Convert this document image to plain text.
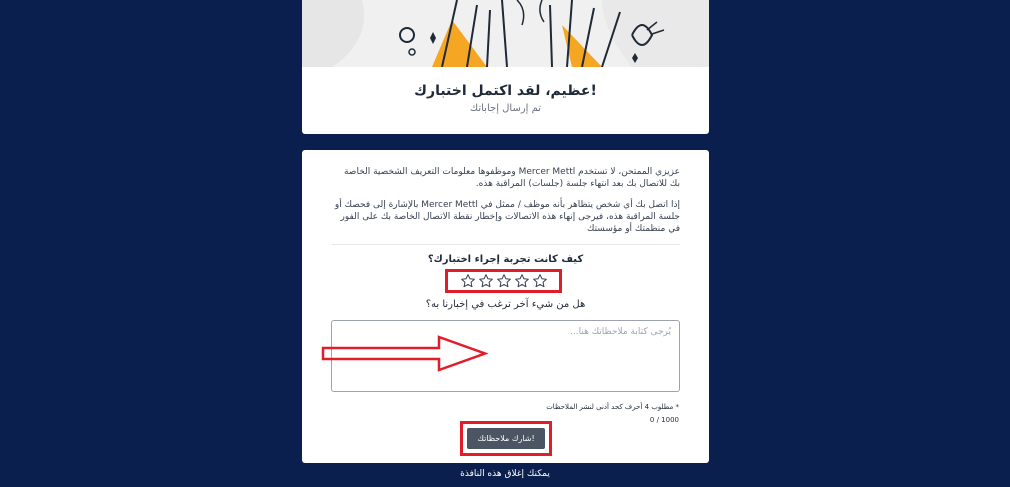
عظيم، لقد اكتمل اختبارك!
تم إرسال إجاباتك
عزيزي الممتحن، لا تستخدم Mercer Mettl وموظفوها معلومات التعريف الشخصية الخاصة بك للاتصال بك بعد انتهاء جلسة (جلسات) المراقبة هذه.
إذا اتصل بك أي شخص يتظاهر بأنه موظف / ممثل في Mercer Mettl بالإشارة إلى فحصك أو جلسة المراقبة هذه، فيرجى إنهاء هذه الاتصالات وإخطار نقطة الاتصال الخاصة بك على الفور في منظمتك أو مؤسستك
كيف كانت تجربة إجراء اختبارك؟
هل من شيء آخر ترغب في إخبارنا به؟
يُرجى كتابة ملاحظاتك هنا...
* مطلوب 4 أحرف كحد أدنى لنشر الملاحظات
0 / 1000
شارك ملاحظاتك!
يمكنك إغلاق هذه النافذة
